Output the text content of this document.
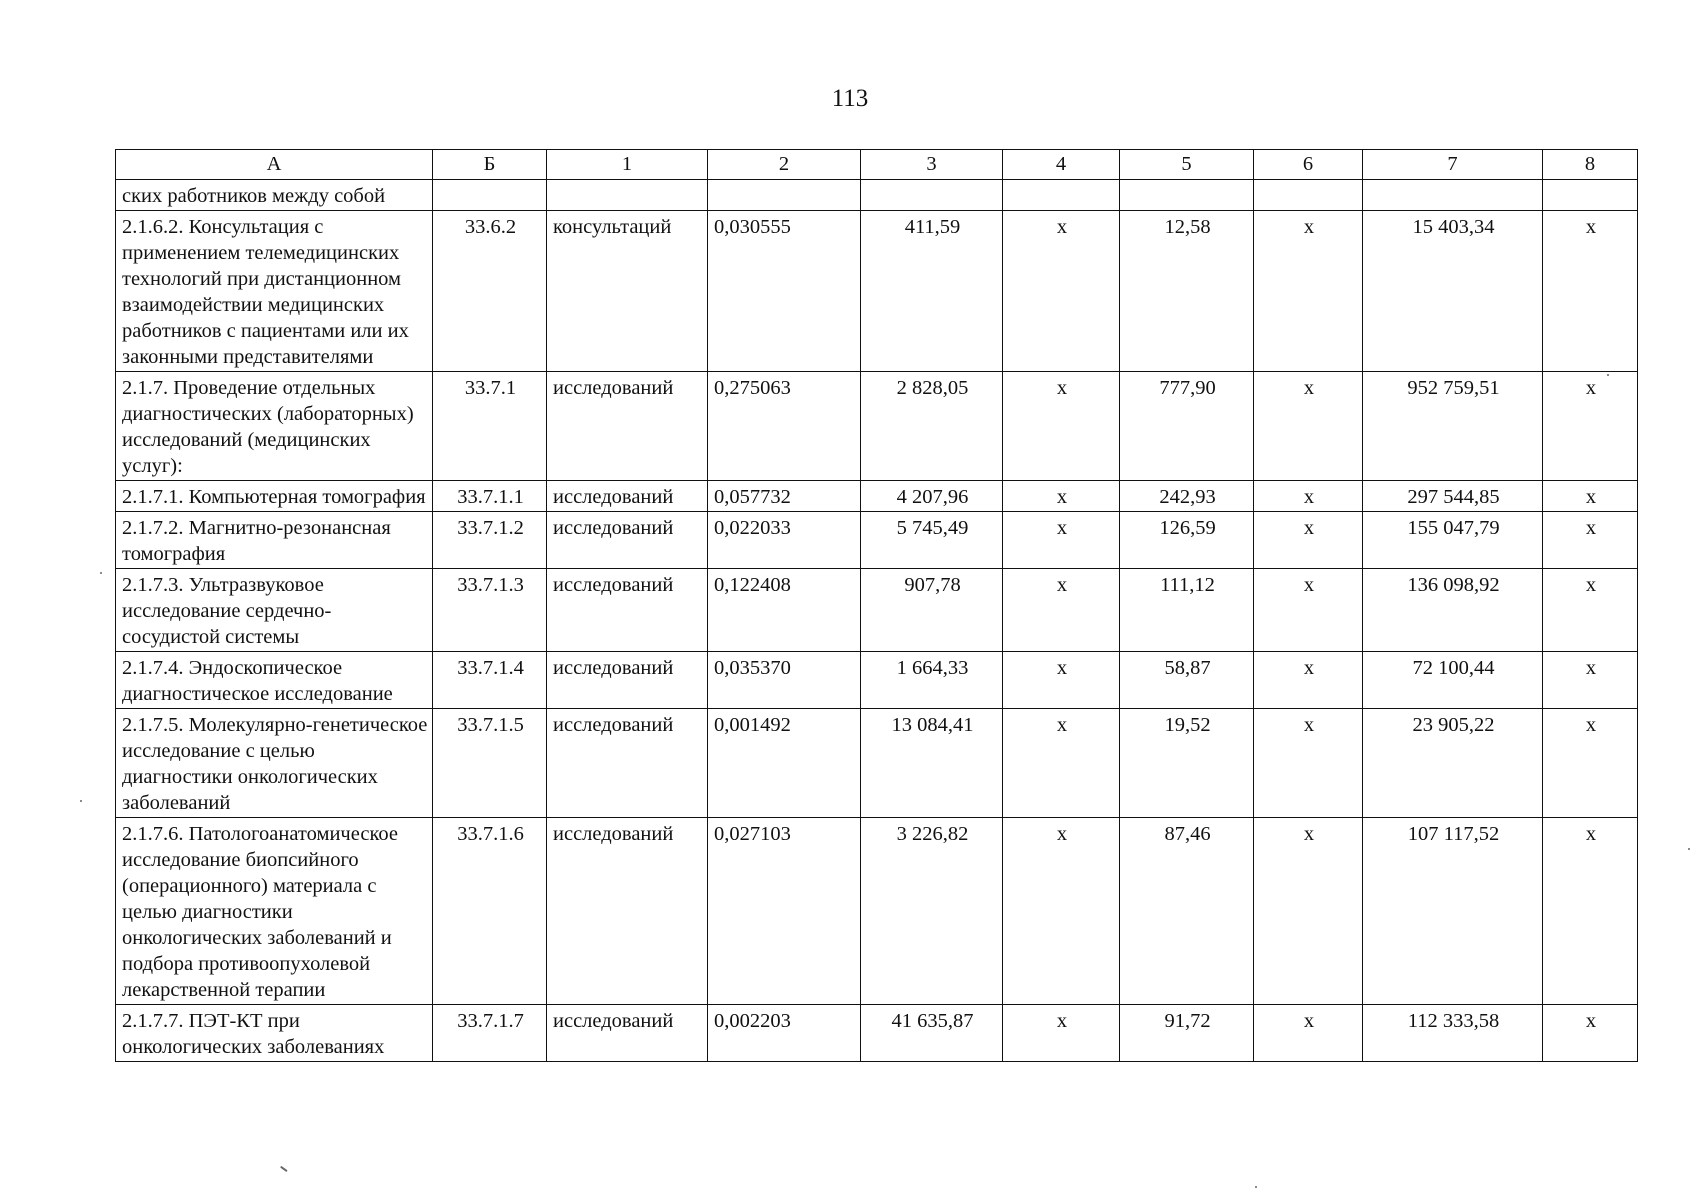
113
А	Б	1	2	3	4	5	6	7	8
ских работников между собой									
2.1.6.2. Консультация с применением телемедицинских технологий при дистанционном взаимодействии медицинских работников с пациентами или их законными представителями	33.6.2	консультаций	0,030555	411,59	х	12,58	х	15 403,34	х
2.1.7. Проведение отдельных диагностических (лабораторных) исследований (медицинских услуг):	33.7.1	исследований	0,275063	2 828,05	х	777,90	х	952 759,51	х
2.1.7.1. Компьютерная томография	33.7.1.1	исследований	0,057732	4 207,96	х	242,93	х	297 544,85	х
2.1.7.2. Магнитно-резонансная томография	33.7.1.2	исследований	0,022033	5 745,49	х	126,59	х	155 047,79	х
2.1.7.3. Ультразвуковое исследование сердечно-сосудистой системы	33.7.1.3	исследований	0,122408	907,78	х	111,12	х	136 098,92	х
2.1.7.4. Эндоскопическое диагностическое исследование	33.7.1.4	исследований	0,035370	1 664,33	х	58,87	х	72 100,44	х
2.1.7.5. Молекулярно-генетическое исследование с целью диагностики онкологических заболеваний	33.7.1.5	исследований	0,001492	13 084,41	х	19,52	х	23 905,22	х
2.1.7.6. Патологоанатомическое исследование биопсийного (операционного) материала с целью диагностики онкологических заболеваний и подбора противоопухолевой лекарственной терапии	33.7.1.6	исследований	0,027103	3 226,82	х	87,46	х	107 117,52	х
2.1.7.7. ПЭТ-КТ при онкологических заболеваниях	33.7.1.7	исследований	0,002203	41 635,87	х	91,72	х	112 333,58	х
